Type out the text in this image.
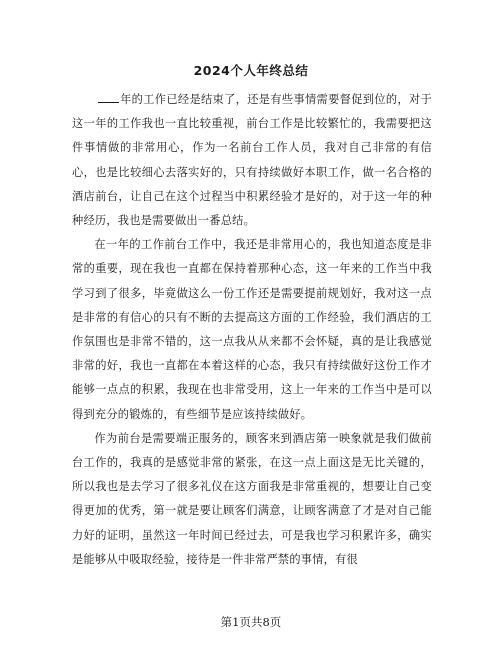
2024个人年终总结

年的工作已经是结束了，还是有些事情需要督促到位的，对于这一年的工作我也一直比较重视，前台工作是比较繁忙的，我需要把这件事情做的非常用心，作为一名前台工作人员，我对自己非常的有信心，也是比较细心去落实好的，只有持续做好本职工作，做一名合格的酒店前台，让自己在这个过程当中积累经验才是好的，对于这一年的种种经历，我也是需要做出一番总结。

在一年的工作前台工作中，我还是非常用心的，我也知道态度是非常的重要，现在我也一直都在保持着那种心态，这一年来的工作当中我学习到了很多，毕竟做这么一份工作还是需要提前规划好，我对这一点是非常的有信心的只有不断的去提高这方面的工作经验，我们酒店的工作氛围也是非常不错的，这一点我从从来都不会怀疑，真的是让我感觉非常的好，我也一直都在本着这样的心态，我只有持续做好这份工作才能够一点点的积累，我现在也非常受用，这上一年来的工作当中是可以得到充分的锻炼的，有些细节是应该持续做好。

作为前台是需要端正服务的，顾客来到酒店第一映象就是我们做前台工作的，我真的是感觉非常的紧张，在这一点上面这是无比关键的，所以我也是去学习了很多礼仪在这方面我是非常重视的，想要让自己变得更加的优秀，第一就是要让顾客们满意，让顾客满意了才是对自己能力好的证明，虽然这一年时间已经过去，可是我也学习积累许多，确实是能够从中吸取经验，接待是一件非常严禁的事情，有很

第1页共8页
